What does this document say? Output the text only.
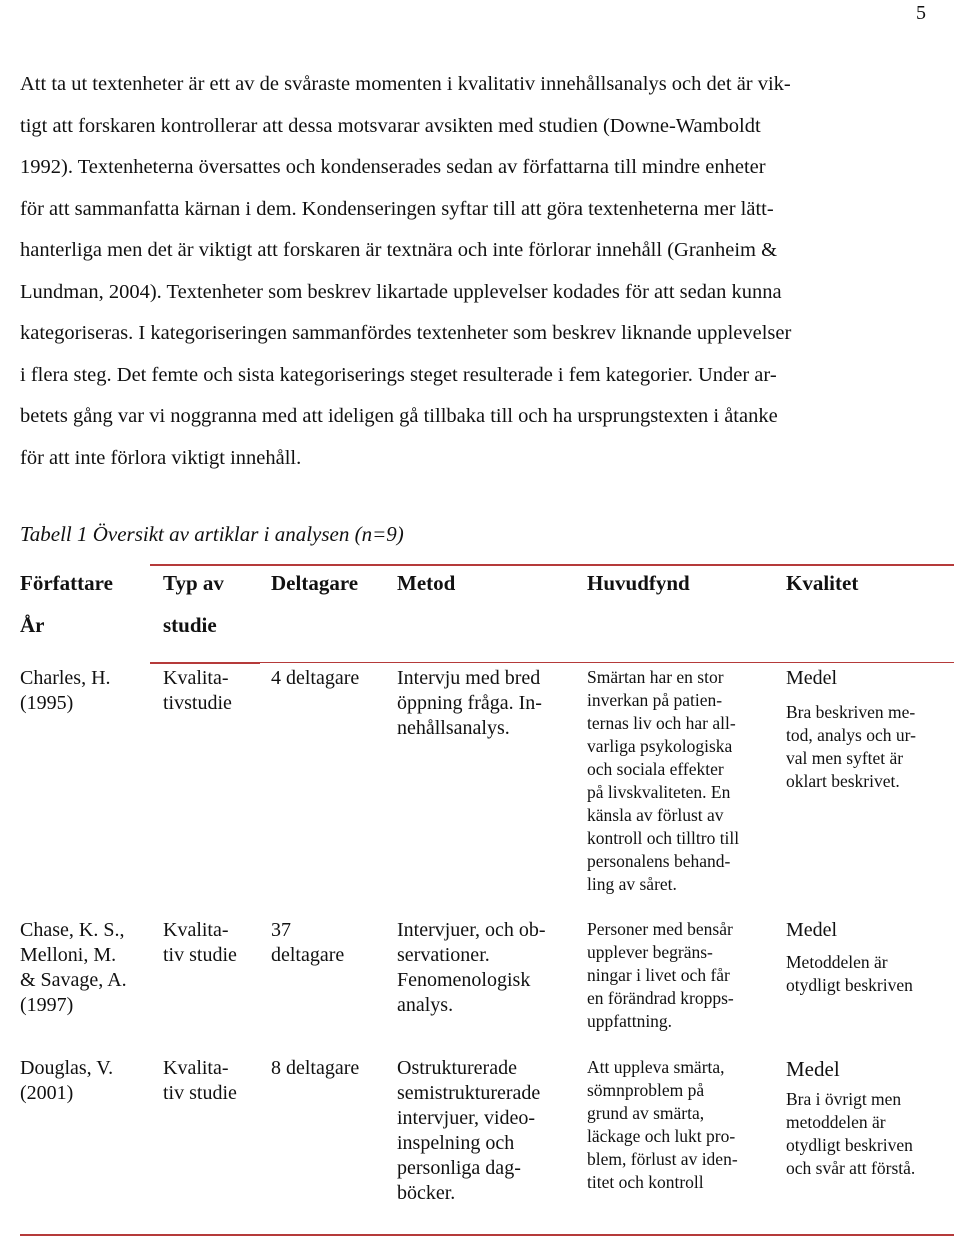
5

Att ta ut textenheter är ett av de svåraste momenten i kvalitativ innehållsanalys och det är vik-
tigt att forskaren kontrollerar att dessa motsvarar avsikten med studien (Downe-Wamboldt
1992). Textenheterna översattes och kondenserades sedan av författarna till mindre enheter
för att sammanfatta kärnan i dem. Kondenseringen syftar till att göra textenheterna mer lätt-
hanterliga men det är viktigt att forskaren är textnära och inte förlorar innehåll (Granheim &
Lundman, 2004). Textenheter som beskrev likartade upplevelser kodades för att sedan kunna
kategoriseras. I kategoriseringen sammanfördes textenheter som beskrev liknande upplevelser
i flera steg. Det femte och sista kategoriserings steget resulterade i fem kategorier. Under ar-
betets gång var vi noggranna med att ideligen gå tillbaka till och ha ursprungstexten i åtanke
för att inte förlora viktigt innehåll.

Tabell 1 Översikt av artiklar i analysen (n=9)

Författare
År
Typ av
studie
Deltagare Metod	Huvudfynd	Kvalitet
Charles, H.
(1995)
Kvalita-
tivstudie
4 deltagare Intervju med bred
öppning fråga. In-
nehållsanalys.
Smärtan har en stor
inverkan på patien-
ternas liv och har all-
varliga psykologiska
och sociala effekter
på livskvaliteten. En
känsla av förlust av
kontroll och tilltro till
personalens behand-
ling av såret.
Medel
Bra beskriven me-
tod, analys och ur-
val men syftet är
oklart beskrivet.
Chase, K. S.,
Melloni, M.
& Savage, A.
(1997)
Kvalita-
tiv studie
37
deltagare
Intervjuer, och ob-
servationer.
Fenomenologisk
analys.
Personer med bensår
upplever begräns-
ningar i livet och får
en förändrad kropps-
uppfattning.
Medel
Metoddelen är
otydligt beskriven
Douglas, V.
(2001)
Kvalita-
tiv studie
8 deltagare Ostrukturerade
semistrukturerade
intervjuer, video-
inspelning och
personliga dag-
böcker.
Att uppleva smärta,
sömnproblem på
grund av smärta,
läckage och lukt pro-
blem, förlust av iden-
titet och kontroll
Medel
Bra i övrigt men
metoddelen är
otydligt beskriven
och svår att förstå.
